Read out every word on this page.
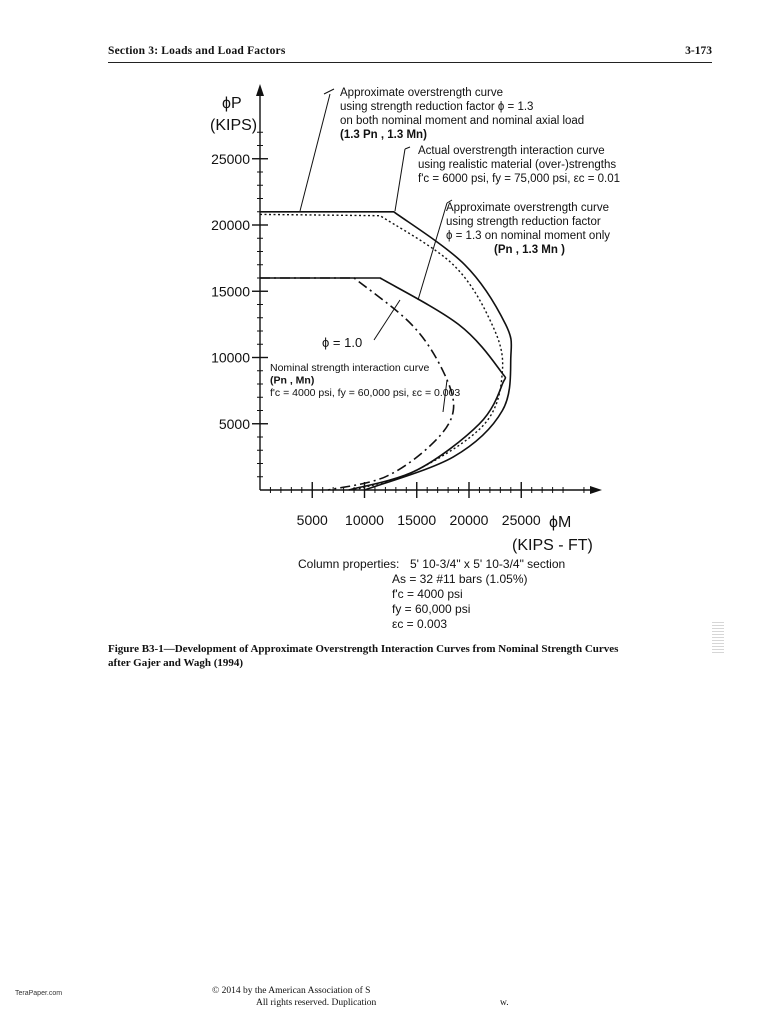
Section 3: Loads and Load Factors	3-173
5000
10000
15000
20000
25000
5000 10000 15000 20000 25000
ϕP
(KIPS)
ϕM
(KIPS - FT)
Approximate overstrength curve
using strength reduction factor ϕ = 1.3
on both nominal moment and nominal axial load
(1.3 Pn , 1.3 Mn)
Actual overstrength interaction curve
using realistic material (over-)strengths
f'c = 6000 psi, fy = 75,000 psi, εc = 0.01
Approximate overstrength curve
using strength reduction factor
ϕ = 1.3 on nominal moment only
(Pn , 1.3 Mn )
ϕ = 1.0
Nominal strength interaction curve
(Pn , Mn)
f'c = 4000 psi, fy = 60,000 psi, εc = 0.003
Column properties: 5' 10-3/4" x 5' 10-3/4" section
As = 32 #11 bars (1.05%)
f'c = 4000 psi
fy = 60,000 psi
εc = 0.003
Figure B3-1—Development of Approximate Overstrength Interaction Curves from Nominal Strength Curves
after Gajer and Wagh (1994)
TeraPaper.com	© 2014 by the American Association of S
All rights reserved. Duplication	w.
